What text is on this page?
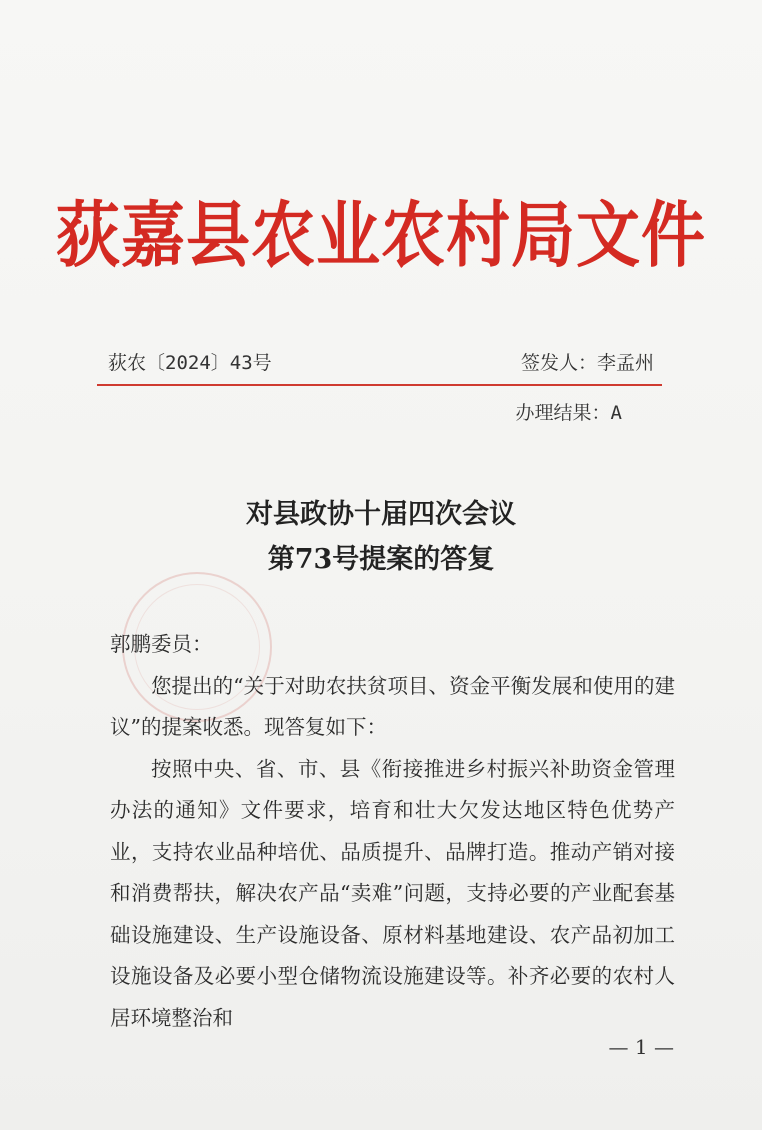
荻嘉县农业农村局文件
荻农〔2024〕43号	签发人：李孟州
办理结果：A
对县政协十届四次会议
第73号提案的答复

郭鹏委员：

您提出的“关于对助农扶贫项目、资金平衡发展和使用的建议”的提案收悉。现答复如下：

按照中央、省、市、县《衔接推进乡村振兴补助资金管理办法的通知》文件要求，培育和壮大欠发达地区特色优势产业，支持农业品种培优、品质提升、品牌打造。推动产销对接和消费帮扶，解决农产品“卖难”问题，支持必要的产业配套基础设施建设、生产设施设备、原材料基地建设、农产品初加工设施设备及必要小型仓储物流设施建设等。补齐必要的农村人居环境整治和

— 1 —
